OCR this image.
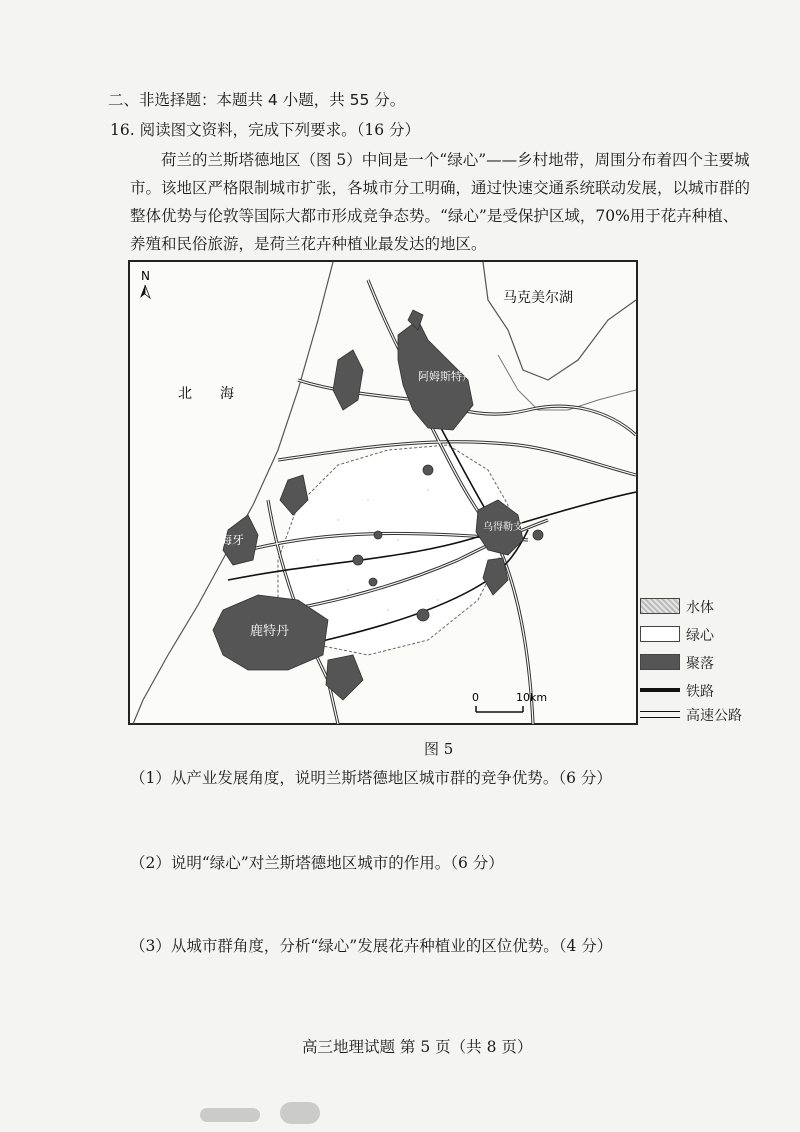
二、非选择题：本题共 4 小题，共 55 分。
16. 阅读图文资料，完成下列要求。（16 分）
荷兰的兰斯塔德地区（图 5）中间是一个“绿心”——乡村地带，周围分布着四个主要城市。该地区严格限制城市扩张，各城市分工明确，通过快速交通系统联动发展，以城市群的整体优势与伦敦等国际大都市形成竞争态势。“绿心”是受保护区域，70%用于花卉种植、养殖和民俗旅游，是荷兰花卉种植业最发达的地区。
N
马克美尔湖
北 海
阿姆斯特丹
乌得勒支
海牙
鹿特丹
0	10km
水体
绿心
聚落
铁路
高速公路
图 5
（1）从产业发展角度，说明兰斯塔德地区城市群的竞争优势。（6 分）
（2）说明“绿心”对兰斯塔德地区城市的作用。（6 分）
（3）从城市群角度，分析“绿心”发展花卉种植业的区位优势。（4 分）
高三地理试题 第 5 页（共 8 页）
